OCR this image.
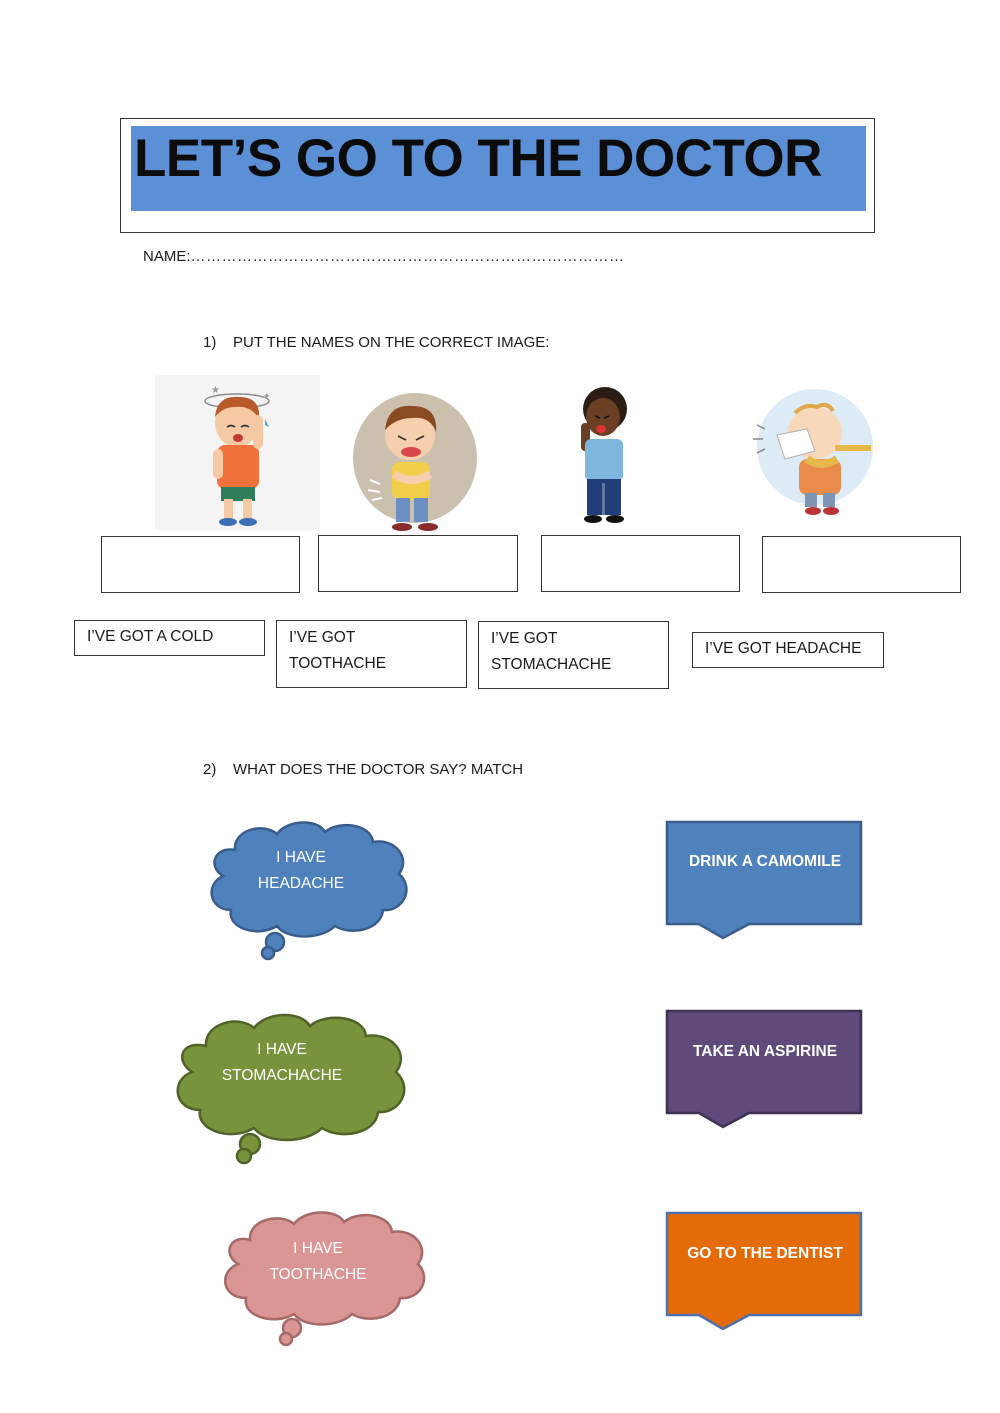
LET’S GO TO THE DOCTOR
NAME:…………………………………………………………………………
1) PUT THE NAMES ON THE CORRECT IMAGE:
★	✦
I’VE GOT A COLD	I’VE GOT
TOOTHACHE
I’VE GOT
STOMACHACHE
I’VE GOT HEADACHE
2) WHAT DOES THE DOCTOR SAY? MATCH
I HAVE
HEADACHE
I HAVE
STOMACHACHE
I HAVE
TOOTHACHE
DRINK A CAMOMILE
TAKE AN ASPIRINE
GO TO THE DENTIST
